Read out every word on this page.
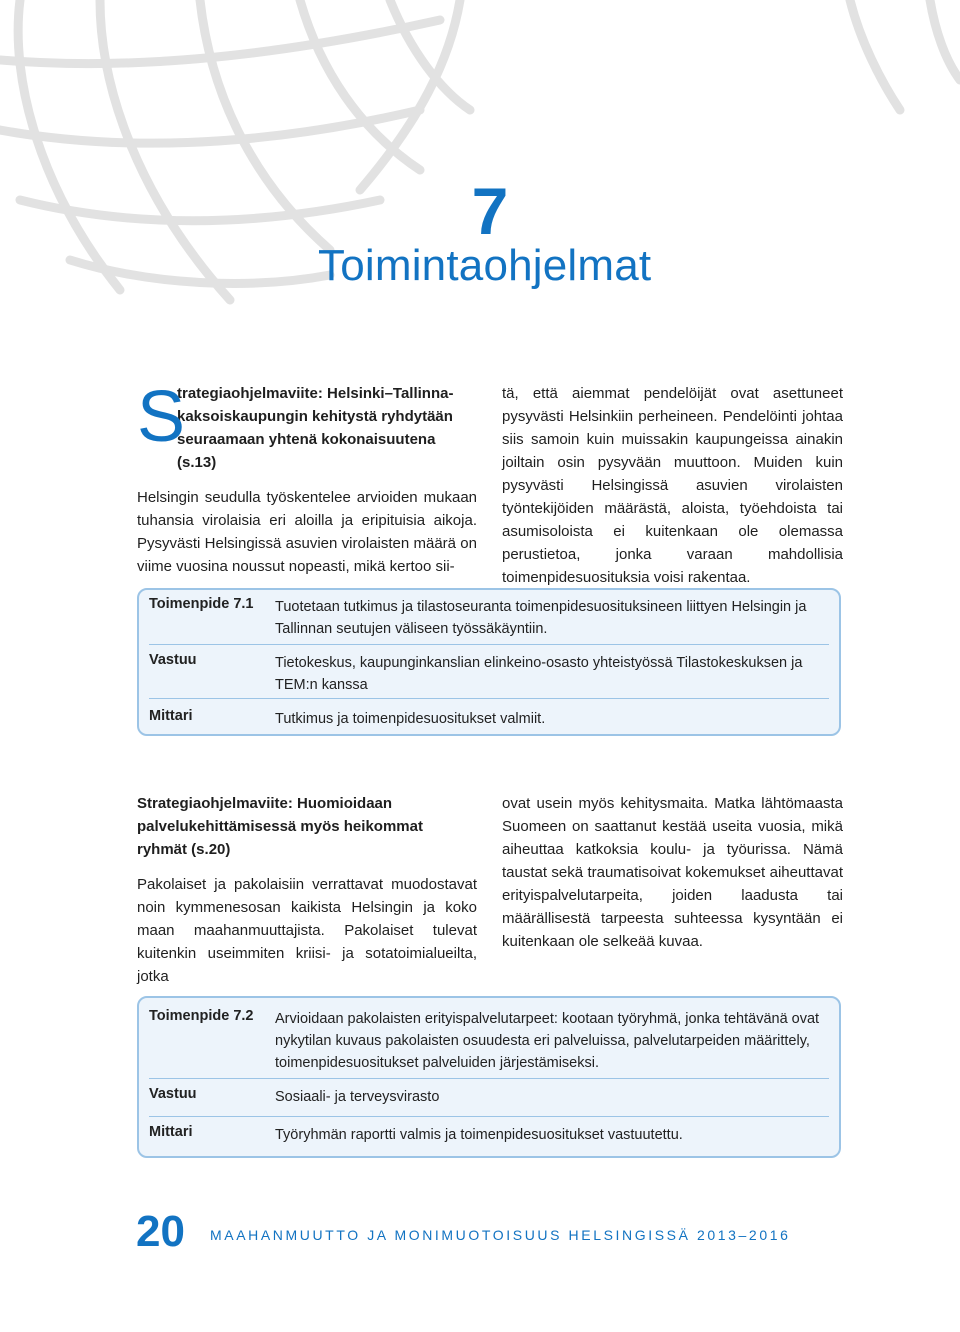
7
Toimintaohjelmat
S

trategiaohjelmaviite: Helsinki–Tallinnakaksoiskaupungin kehitystä ryhdytään seuraamaan yhtenä kokonaisuutena (s.13)

Helsingin seudulla työskentelee arvioiden mukaan tuhansia virolaisia eri aloilla ja eripituisia aikoja. Pysyvästi Helsingissä asuvien virolaisten määrä on viime vuosina noussut nopeasti, mikä kertoo sii-

tä, että aiemmat pendelöijät ovat asettuneet pysyvästi Helsinkiin perheineen. Pendelöinti johtaa siis samoin kuin muissakin kaupungeissa ainakin joiltain osin pysyvään muuttoon. Muiden kuin pysyvästi Helsingissä asuvien virolaisten työntekijöiden määrästä, aloista, työehdoista tai asumisoloista ei kuitenkaan ole olemassa perustietoa, jonka varaan mahdollisia toimenpidesuosituksia voisi rakentaa.

Toimenpide 7.1	Tuotetaan tutkimus ja tilastoseuranta toimenpidesuosituksineen liittyen Helsingin ja Tallinnan seutujen väliseen työssäkäyntiin.
Vastuu	Tietokeskus, kaupunginkanslian elinkeino-osasto yhteistyössä Tilastokeskuksen ja TEM:n kanssa
Mittari	Tutkimus ja toimenpidesuositukset valmiit.

Strategiaohjelmaviite: Huomioidaan palvelukehittämisessä myös heikommat ryhmät (s.20)

Pakolaiset ja pakolaisiin verrattavat muodostavat noin kymmenesosan kaikista Helsingin ja koko maan maahanmuuttajista. Pakolaiset tulevat kuitenkin useimmiten kriisi- ja sotatoimialueilta, jotka

ovat usein myös kehitysmaita. Matka lähtömaasta Suomeen on saattanut kestää useita vuosia, mikä aiheuttaa katkoksia koulu- ja työurissa. Nämä taustat sekä traumatisoivat kokemukset aiheuttavat erityispalvelutarpeita, joiden laadusta tai määrällisestä tarpeesta suhteessa kysyntään ei kuitenkaan ole selkeää kuvaa.

Toimenpide 7.2	Arvioidaan pakolaisten erityispalvelutarpeet: kootaan työryhmä, jonka tehtävänä ovat nykytilan kuvaus pakolaisten osuudesta eri palveluissa, palvelutarpeiden määrittely, toimenpidesuositukset palveluiden järjestämiseksi.
Vastuu	Sosiaali- ja terveysvirasto
Mittari	Työryhmän raportti valmis ja toimenpidesuositukset vastuutettu.
20 MAAHANMUUTTO JA MONIMUOTOISUUS HELSINGISSÄ 2013–2016
